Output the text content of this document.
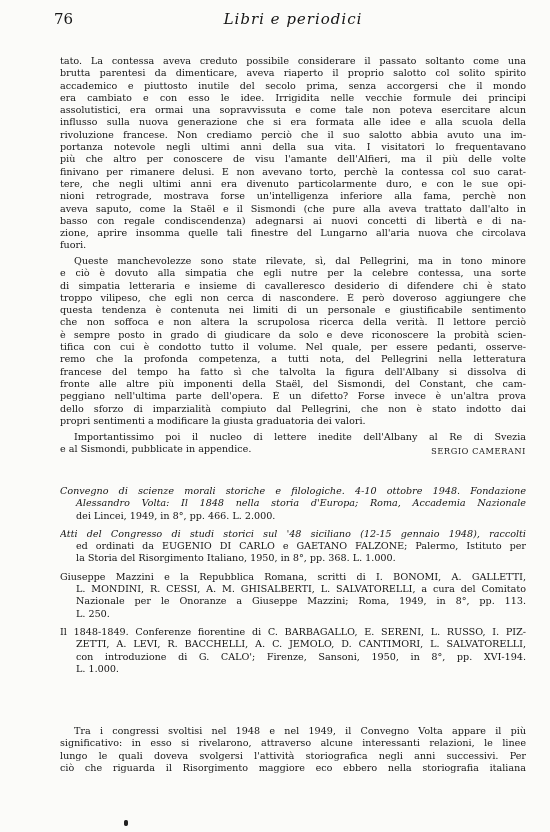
76	Libri e periodici

tato. La contessa aveva creduto possibile considerare il passato soltanto come una

brutta parentesi da dimenticare, aveva riaperto il proprio salotto col solito spirito

accademico e piuttosto inutile del secolo prima, senza accorgersi che il mondo

era cambiato e con esso le idee. Irrigidita nelle vecchie formule dei principi

assolutistici, era ormai una sopravvissuta e come tale non poteva esercitare alcun

influsso sulla nuova generazione che si era formata alle idee e alla scuola della

rivoluzione francese. Non crediamo perciò che il suo salotto abbia avuto una im-

portanza notevole negli ultimi anni della sua vita. I visitatori lo frequentavano

più che altro per conoscere de visu l'amante dell'Alfieri, ma il più delle volte

finivano per rimanere delusi. E non avevano torto, perchè la contessa col suo carat-

tere, che negli ultimi anni era divenuto particolarmente duro, e con le sue opi-

nioni retrograde, mostrava forse un'intelligenza inferiore alla fama, perchè non

aveva saputo, come la Staël e il Sismondi (che pure alla aveva trattato dall'alto in

basso con regale condiscendenza) adegnarsi ai nuovi concetti di libertà e di na-

zione, aprire insomma quelle tali finestre del Lungarno all'aria nuova che circolava

fuori.

Queste manchevolezze sono state rilevate, sì, dal Pellegrini, ma in tono minore

e ciò è dovuto alla simpatia che egli nutre per la celebre contessa, una sorte

di simpatia letteraria e insieme di cavalleresco desiderio di difendere chi è stato

troppo vilipeso, che egli non cerca di nascondere. È però doveroso aggiungere che

questa tendenza è contenuta nei limiti di un personale e giustificabile sentimento

che non soffoca e non altera la scrupolosa ricerca della verità. Il lettore perciò

è sempre posto in grado di giudicare da solo e deve riconoscere la probità scien-

tifica con cui è condotto tutto il volume. Nel quale, per essere pedanti, osserve-

remo che la profonda competenza, a tutti nota, del Pellegrini nella letteratura

francese del tempo ha fatto sì che talvolta la figura dell'Albany si dissolva di

fronte alle altre più imponenti della Staël, del Sismondi, del Constant, che cam-

peggiano nell'ultima parte dell'opera. È un difetto? Forse invece è un'altra prova

dello sforzo di imparzialità compiuto dal Pellegrini, che non è stato indotto dai

propri sentimenti a modificare la giusta graduatoria dei valori.

Importantissimo poi il nucleo di lettere inedite dell'Albany al Re di Svezia

e al Sismondi, pubblicate in appendice.	SERGIO CAMERANI
Convegno di scienze morali storiche e filologiche. 4-10 ottobre 1948. Fondazione
Alessandro Volta: Il 1848 nella storia d'Europa; Roma, Accademia Nazionale
dei Lincei, 1949, in 8°, pp. 466. L. 2.000.
Atti del Congresso di studi storici sul '48 siciliano (12-15 gennaio 1948), raccolti
ed ordinati da EUGENIO DI CARLO e GAETANO FALZONE; Palermo, Istituto per
la Storia del Risorgimento Italiano, 1950, in 8°, pp. 368. L. 1.000.
Giuseppe Mazzini e la Repubblica Romana, scritti di I. BONOMI, A. GALLETTI,
L. MONDINI, R. CESSI, A. M. GHISALBERTI, L. SALVATORELLI, a cura del Comitato
Nazionale per le Onoranze a Giuseppe Mazzini; Roma, 1949, in 8°, pp. 113.
L. 250.
Il 1848-1849. Conferenze fiorentine di C. BARBAGALLO, E. SERENI, L. RUSSO, I. PIZ-
ZETTI, A. LEVI, R. BACCHELLI, A. C. JEMOLO, D. CANTIMORI, L. SALVATORELLI,
con introduzione di G. CALO'; Firenze, Sansoni, 1950, in 8°, pp. XVI-194.
L. 1.000.

Tra i congressi svoltisi nel 1948 e nel 1949, il Convegno Volta appare il più

significativo: in esso si rivelarono, attraverso alcune interessanti relazioni, le linee

lungo le quali doveva svolgersi l'attività storiografica negli anni successivi. Per

ciò che riguarda il Risorgimento maggiore eco ebbero nella storiografia italiana
